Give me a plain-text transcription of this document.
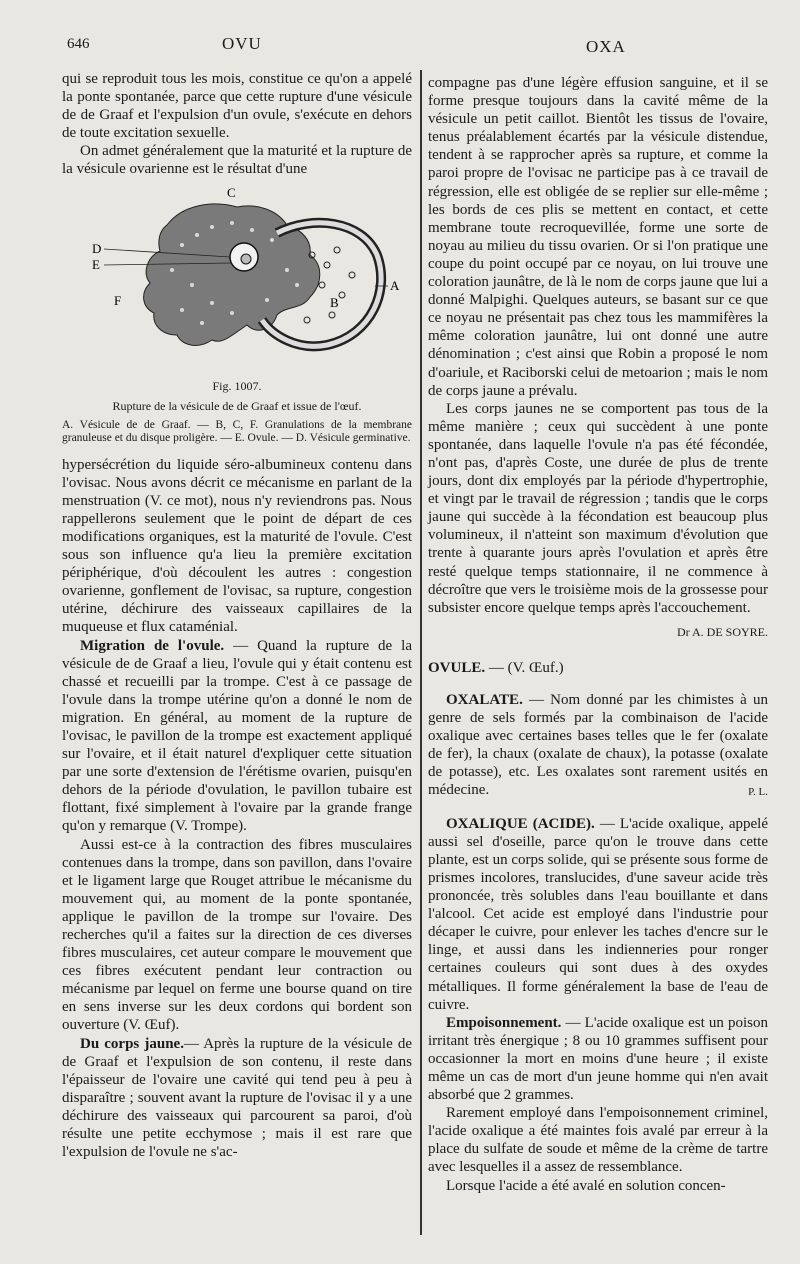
646	OVU	OXA

qui se reproduit tous les mois, constitue ce qu'on a appelé la ponte spontanée, parce que cette rupture d'une vésicule de de Graaf et l'expulsion d'un ovule, s'exécute en dehors de toute excitation sexuelle.

On admet généralement que la maturité et la rupture de la vésicule ovarienne est le résultat d'une

C
D
E
F	B
A
Fig. 1007.
Rupture de la vésicule de de Graaf et issue de l'œuf.
A. Vésicule de de Graaf. — B, C, F. Granulations de la membrane granuleuse et du disque proligère. — E. Ovule. — D. Vésicule germinative.

hypersécrétion du liquide séro-albumineux contenu dans l'ovisac. Nous avons décrit ce mécanisme en parlant de la menstruation (V. ce mot), nous n'y reviendrons pas. Nous rappellerons seulement que le point de départ de ces modifications organiques, est la maturité de l'ovule. C'est sous son influence qu'a lieu la première excitation périphérique, d'où découlent les autres : congestion ovarienne, gonflement de l'ovisac, sa rupture, congestion utérine, déchirure des vaisseaux capillaires de la muqueuse et flux cataménial.

Migration de l'ovule. — Quand la rupture de la vésicule de de Graaf a lieu, l'ovule qui y était contenu est chassé et recueilli par la trompe. C'est à ce passage de l'ovule dans la trompe utérine qu'on a donné le nom de migration. En général, au moment de la rupture de l'ovisac, le pavillon de la trompe est exactement appliqué sur l'ovaire, et il était naturel d'expliquer cette situation par une sorte d'extension de l'érétisme ovarien, puisqu'en dehors de la période d'ovulation, le pavillon tubaire est flottant, fixé simplement à l'ovaire par la grande frange qu'on y remarque (V. Trompe).

Aussi est-ce à la contraction des fibres musculaires contenues dans la trompe, dans son pavillon, dans l'ovaire et le ligament large que Rouget attribue le mécanisme du mouvement qui, au moment de la ponte spontanée, applique le pavillon de la trompe sur l'ovaire. Des recherches qu'il a faites sur la direction de ces diverses fibres musculaires, cet auteur compare le mouvement que ces fibres exécutent pendant leur contraction ou mécanisme par lequel on ferme une bourse quand on tire en sens inverse sur les deux cordons qui bordent son ouverture (V. Œuf).

Du corps jaune.— Après la rupture de la vésicule de de Graaf et l'expulsion de son contenu, il reste dans l'épaisseur de l'ovaire une cavité qui tend peu à peu à disparaître ; souvent avant la rupture de l'ovisac il y a une déchirure des vaisseaux qui parcourent sa paroi, d'où résulte une petite ecchymose ; mais il est rare que l'expulsion de l'ovule ne s'ac-

compagne pas d'une légère effusion sanguine, et il se forme presque toujours dans la cavité même de la vésicule un petit caillot. Bientôt les tissus de l'ovaire, tenus préalablement écartés par la vésicule distendue, tendent à se rapprocher après sa rupture, et comme la paroi propre de l'ovisac ne participe pas à ce travail de régression, elle est obligée de se replier sur elle-même ; les bords de ces plis se mettent en contact, et cette membrane toute recroquevillée, forme une sorte de noyau au milieu du tissu ovarien. Or si l'on pratique une coupe du point occupé par ce noyau, on lui trouve une coloration jaunâtre, de là le nom de corps jaune que lui a donné Malpighi. Quelques auteurs, se basant sur ce que ce noyau ne présentait pas chez tous les mammifères la même coloration jaunâtre, lui ont donné une autre dénomination ; c'est ainsi que Robin a proposé le nom d'oariule, et Raciborski celui de metoarion ; mais le nom de corps jaune a prévalu.

Les corps jaunes ne se comportent pas tous de la même manière ; ceux qui succèdent à une ponte spontanée, dans laquelle l'ovule n'a pas été fécondée, n'ont pas, d'après Coste, une durée de plus de trente jours, dont dix employés par la période d'hypertrophie, et vingt par le travail de régression ; tandis que le corps jaune qui succède à la fécondation est beaucoup plus volumineux, il n'atteint son maximum d'évolution que trente à quarante jours après l'ovulation et après être resté quelque temps stationnaire, il ne commence à décroître que vers le troisième mois de la grossesse pour subsister encore quelque temps après l'accouchement.

Dr A. DE SOYRE.

OVULE. — (V. Œuf.)

OXALATE. — Nom donné par les chimistes à un genre de sels formés par la combinaison de l'acide oxalique avec certaines bases telles que le fer (oxalate de fer), la chaux (oxalate de chaux), la potasse (oxalate de potasse), etc. Les oxalates sont rarement usités en médecine.	P. L.

OXALIQUE (ACIDE). — L'acide oxalique, appelé aussi sel d'oseille, parce qu'on le trouve dans cette plante, est un corps solide, qui se présente sous forme de prismes incolores, translucides, d'une saveur acide très prononcée, très solubles dans l'eau bouillante et dans l'alcool. Cet acide est employé dans l'industrie pour décaper le cuivre, pour enlever les taches d'encre sur le linge, et aussi dans les indienneries pour ronger certaines couleurs qui sont dues à des oxydes métalliques. Il forme généralement la base de l'eau de cuivre.

Empoisonnement. — L'acide oxalique est un poison irritant très énergique ; 8 ou 10 grammes suffisent pour occasionner la mort en moins d'une heure ; il existe même un cas de mort d'un jeune homme qui n'en avait absorbé que 2 grammes.

Rarement employé dans l'empoisonnement criminel, l'acide oxalique a été maintes fois avalé par erreur à la place du sulfate de soude et même de la crème de tartre avec lesquelles il a assez de ressemblance.

Lorsque l'acide a été avalé en solution concen-
